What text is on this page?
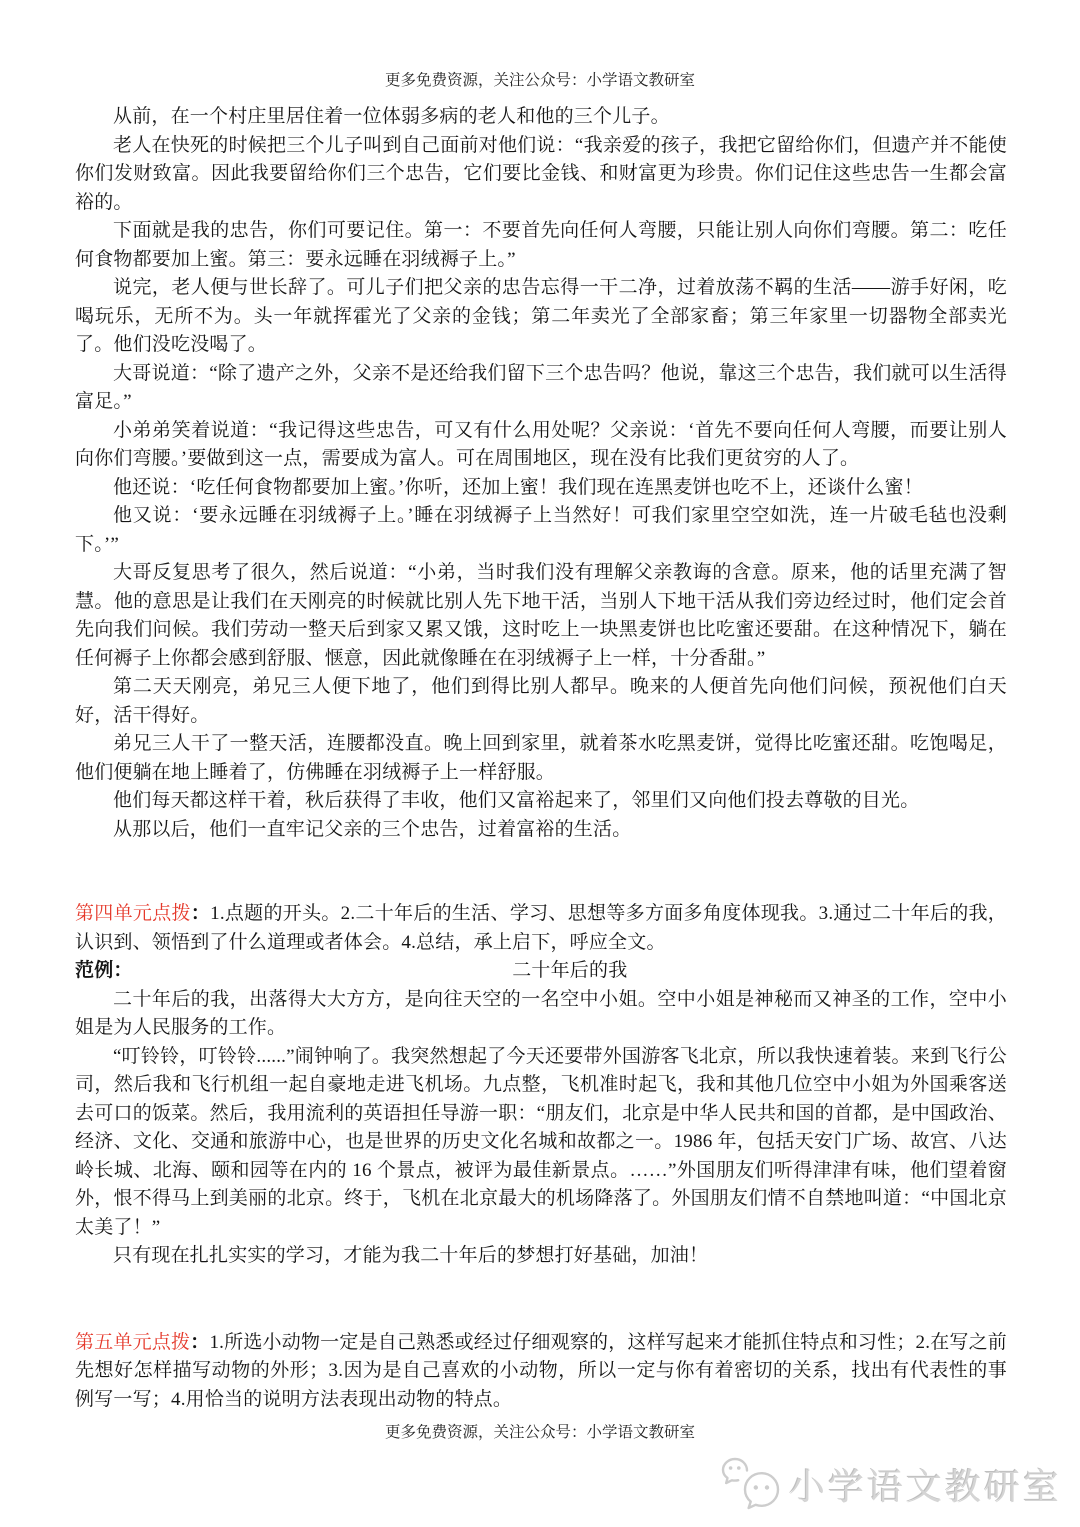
更多免费资源，关注公众号：小学语文教研室

从前，在一个村庄里居住着一位体弱多病的老人和他的三个儿子。

老人在快死的时候把三个儿子叫到自己面前对他们说：“我亲爱的孩子，我把它留给你们，但遗产并不能使你们发财致富。因此我要留给你们三个忠告，它们要比金钱、和财富更为珍贵。你们记住这些忠告一生都会富裕的。

下面就是我的忠告，你们可要记住。第一：不要首先向任何人弯腰，只能让别人向你们弯腰。第二：吃任何食物都要加上蜜。第三：要永远睡在羽绒褥子上。”

说完，老人便与世长辞了。可儿子们把父亲的忠告忘得一干二净，过着放荡不羁的生活——游手好闲，吃喝玩乐，无所不为。头一年就挥霍光了父亲的金钱；第二年卖光了全部家畜；第三年家里一切器物全部卖光了。他们没吃没喝了。

大哥说道：“除了遗产之外，父亲不是还给我们留下三个忠告吗？他说，靠这三个忠告，我们就可以生活得富足。”

小弟弟笑着说道：“我记得这些忠告，可又有什么用处呢？父亲说：‘首先不要向任何人弯腰，而要让别人向你们弯腰。’要做到这一点，需要成为富人。可在周围地区，现在没有比我们更贫穷的人了。

他还说：‘吃任何食物都要加上蜜。’你听，还加上蜜！我们现在连黑麦饼也吃不上，还谈什么蜜！

他又说：‘要永远睡在羽绒褥子上。’睡在羽绒褥子上当然好！可我们家里空空如洗，连一片破毛毡也没剩下。’”

大哥反复思考了很久，然后说道：“小弟，当时我们没有理解父亲教诲的含意。原来，他的话里充满了智慧。他的意思是让我们在天刚亮的时候就比别人先下地干活，当别人下地干活从我们旁边经过时，他们定会首先向我们问候。我们劳动一整天后到家又累又饿，这时吃上一块黑麦饼也比吃蜜还要甜。在这种情况下，躺在任何褥子上你都会感到舒服、惬意，因此就像睡在在羽绒褥子上一样，十分香甜。”

第二天天刚亮，弟兄三人便下地了，他们到得比别人都早。晚来的人便首先向他们问候，预祝他们白天好，活干得好。

弟兄三人干了一整天活，连腰都没直。晚上回到家里，就着茶水吃黑麦饼，觉得比吃蜜还甜。吃饱喝足，他们便躺在地上睡着了，仿佛睡在羽绒褥子上一样舒服。

他们每天都这样干着，秋后获得了丰收，他们又富裕起来了，邻里们又向他们投去尊敬的目光。

从那以后，他们一直牢记父亲的三个忠告，过着富裕的生活。

第四单元点拨：1.点题的开头。2.二十年后的生活、学习、思想等多方面多角度体现我。3.通过二十年后的我，认识到、领悟到了什么道理或者体会。4.总结，承上启下，呼应全文。

范例：	二十年后的我

二十年后的我，出落得大大方方，是向往天空的一名空中小姐。空中小姐是神秘而又神圣的工作，空中小姐是为人民服务的工作。

“叮铃铃，叮铃铃......”闹钟响了。我突然想起了今天还要带外国游客飞北京，所以我快速着装。来到飞行公司，然后我和飞行机组一起自豪地走进飞机场。九点整，飞机准时起飞，我和其他几位空中小姐为外国乘客送去可口的饭菜。然后，我用流利的英语担任导游一职：“朋友们，北京是中华人民共和国的首都，是中国政治、经济、文化、交通和旅游中心，也是世界的历史文化名城和故都之一。1986 年，包括天安门广场、故宫、八达岭长城、北海、颐和园等在内的 16 个景点，被评为最佳新景点。……”外国朋友们听得津津有味，他们望着窗外，恨不得马上到美丽的北京。终于，飞机在北京最大的机场降落了。外国朋友们情不自禁地叫道：“中国北京太美了！”

只有现在扎扎实实的学习，才能为我二十年后的梦想打好基础，加油！

第五单元点拨：1.所选小动物一定是自己熟悉或经过仔细观察的，这样写起来才能抓住特点和习性；2.在写之前先想好怎样描写动物的外形；3.因为是自己喜欢的小动物，所以一定与你有着密切的关系，找出有代表性的事例写一写；4.用恰当的说明方法表现出动物的特点。

更多免费资源，关注公众号：小学语文教研室
小学语文教研室
